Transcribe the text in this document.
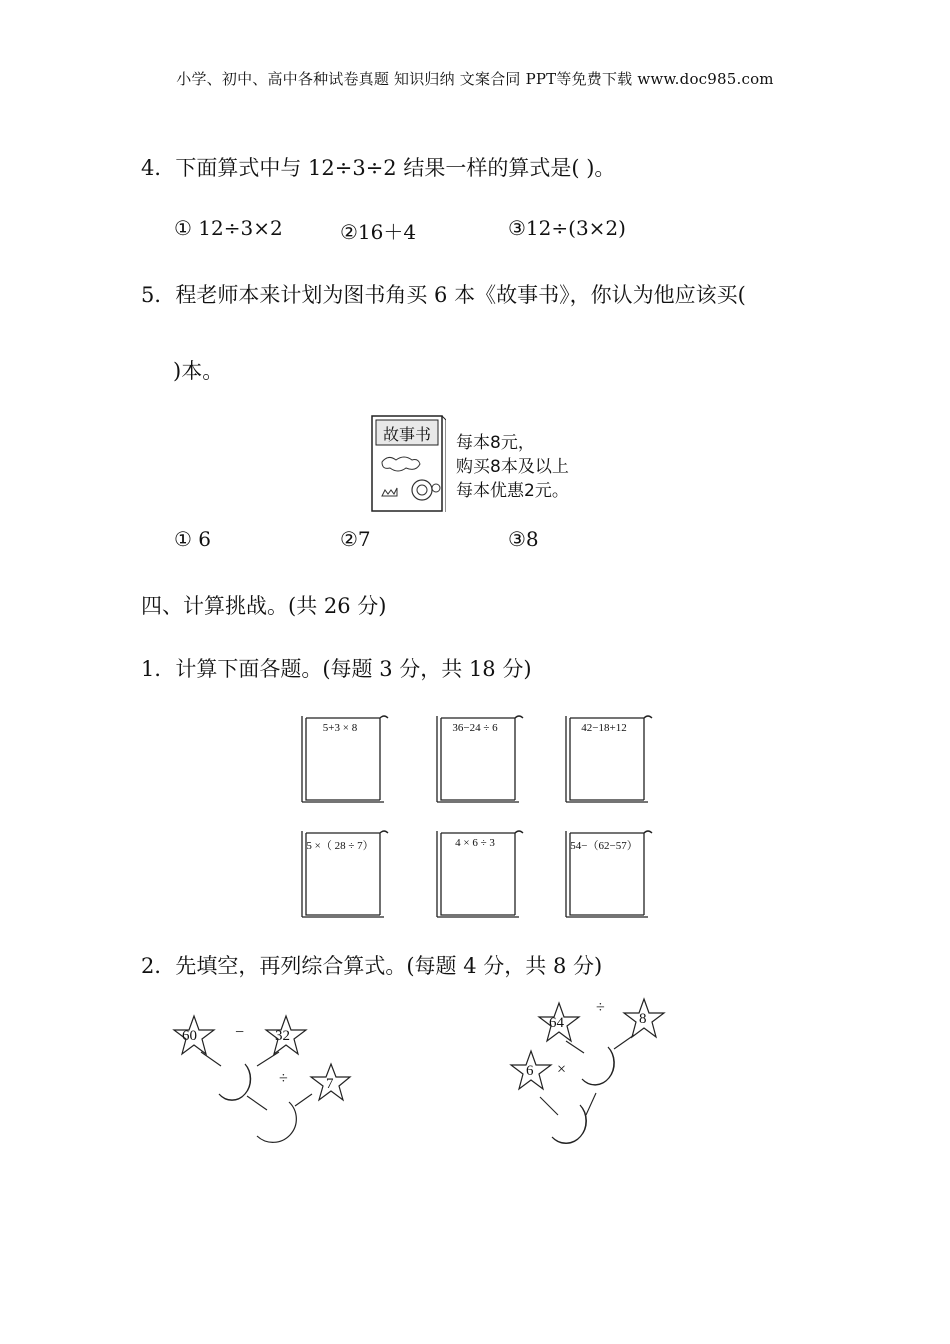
小学、初中、高中各种试卷真题 知识归纳 文案合同 PPT等免费下载 www.doc985.com
4．下面算式中与 12÷3÷2 结果一样的算式是( )。
① 12÷3×2	②16＋4	③12÷(3×2)
5．程老师本来计划为图书角买 6 本《故事书》，你认为他应该买(
)本。
故事书 每本8元，
购买8本及以上
每本优惠2元。
① 6	②7	③8
四、计算挑战。(共 26 分)
1．计算下面各题。(每题 3 分，共 18 分)
5+3 × 8	36−24 ÷ 6	42−18+12
5 ×（ 28 ÷ 7）	4 × 6 ÷ 3	54−（62−57）
2．先填空，再列综合算式。(每题 4 分，共 8 分)
60 − 32
÷	7
64
÷
8
6 ×
